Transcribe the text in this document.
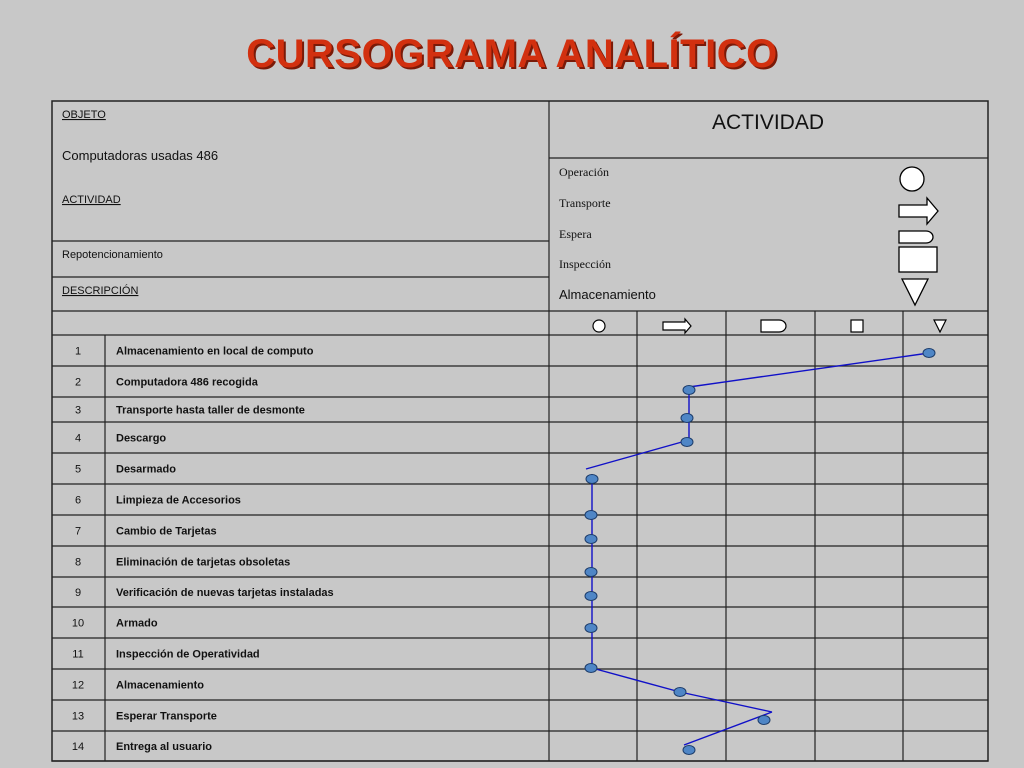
CURSOGRAMA ANALÍTICO
OBJETO
Computadoras usadas 486
ACTIVIDAD
Repotencionamiento
DESCRIPCIÓN
ACTIVIDAD
Operación
Transporte
Espera
Inspección
Almacenamiento
1	Almacenamiento en local de computo
2	Computadora 486 recogida
3	Transporte hasta taller de desmonte
4	Descargo
5	Desarmado
6	Limpieza de Accesorios
7	Cambio de Tarjetas
8	Eliminación de tarjetas obsoletas
9	Verificación de nuevas tarjetas instaladas
10	Armado
11	Inspección de Operatividad
12	Almacenamiento
13	Esperar Transporte
14	Entrega al usuario
